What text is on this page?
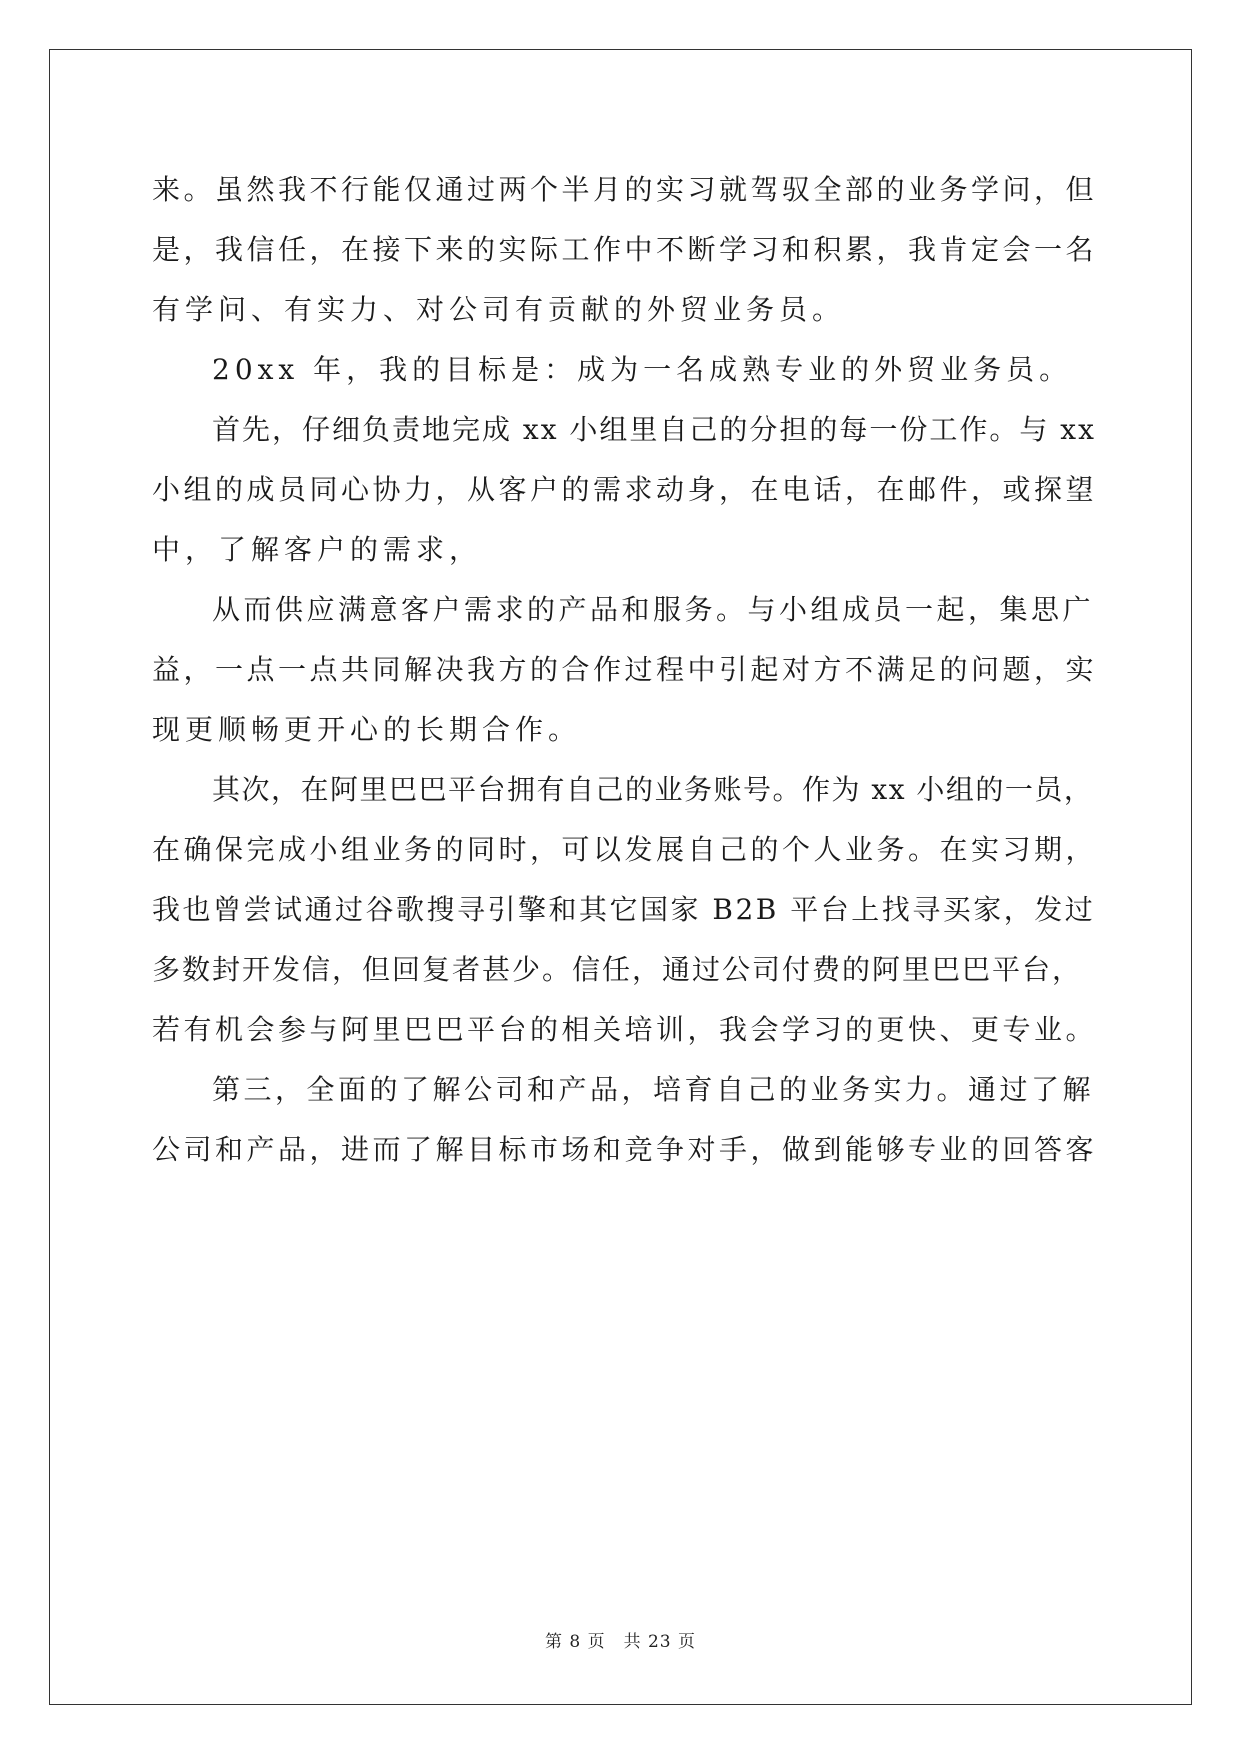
来。虽然我不行能仅通过两个半月的实习就驾驭全部的业务学问，但
是，我信任，在接下来的实际工作中不断学习和积累，我肯定会一名
有学问、有实力、对公司有贡献的外贸业务员。
20xx 年，我的目标是：成为一名成熟专业的外贸业务员。
首先，仔细负责地完成 xx 小组里自己的分担的每一份工作。与 xx
小组的成员同心协力，从客户的需求动身，在电话，在邮件，或探望
中，了解客户的需求，
从而供应满意客户需求的产品和服务。与小组成员一起，集思广
益，一点一点共同解决我方的合作过程中引起对方不满足的问题，实
现更顺畅更开心的长期合作。
其次，在阿里巴巴平台拥有自己的业务账号。作为 xx 小组的一员，
在确保完成小组业务的同时，可以发展自己的个人业务。在实习期，
我也曾尝试通过谷歌搜寻引擎和其它国家 B2B 平台上找寻买家，发过
多数封开发信，但回复者甚少。信任，通过公司付费的阿里巴巴平台，
若有机会参与阿里巴巴平台的相关培训，我会学习的更快、更专业。
第三，全面的了解公司和产品，培育自己的业务实力。通过了解
公司和产品，进而了解目标市场和竞争对手，做到能够专业的回答客
第 8 页 共 23 页
